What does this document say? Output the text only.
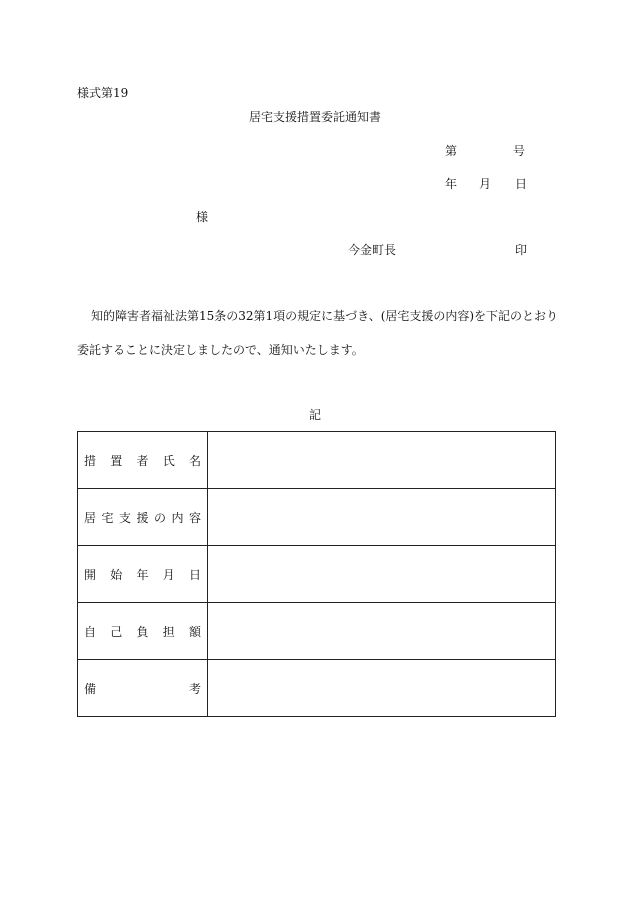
様式第19
居宅支援措置委託通知書
第	号
年 月 日
様
今金町長	印
知的障害者福祉法第15条の32第1項の規定に基づき、(居宅支援の内容)を下記のとおり
委託することに決定しましたので、通知いたします。
記
措置者氏名	

居宅支援の内容	

開始年月日	

自己負担額	

備考	
